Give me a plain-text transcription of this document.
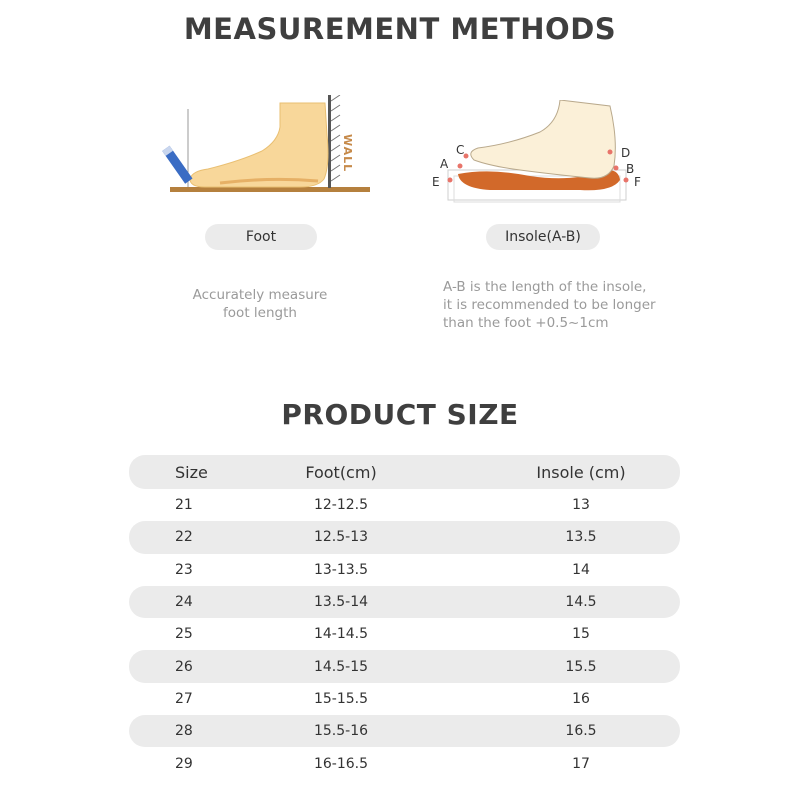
MEASUREMENT METHODS
WALL	A	B
C	D
E	F
Foot	Insole(A-B)
Accurately measure
foot length
A-B is the length of the insole,
it is recommended to be longer
than the foot +0.5~1cm
PRODUCT SIZE
Size	Foot(cm)	Insole (cm)
21	12-12.5	13
22	12.5-13	13.5
23	13-13.5	14
24	13.5-14	14.5
25	14-14.5	15
26	14.5-15	15.5
27	15-15.5	16
28	15.5-16	16.5
29	16-16.5	17
